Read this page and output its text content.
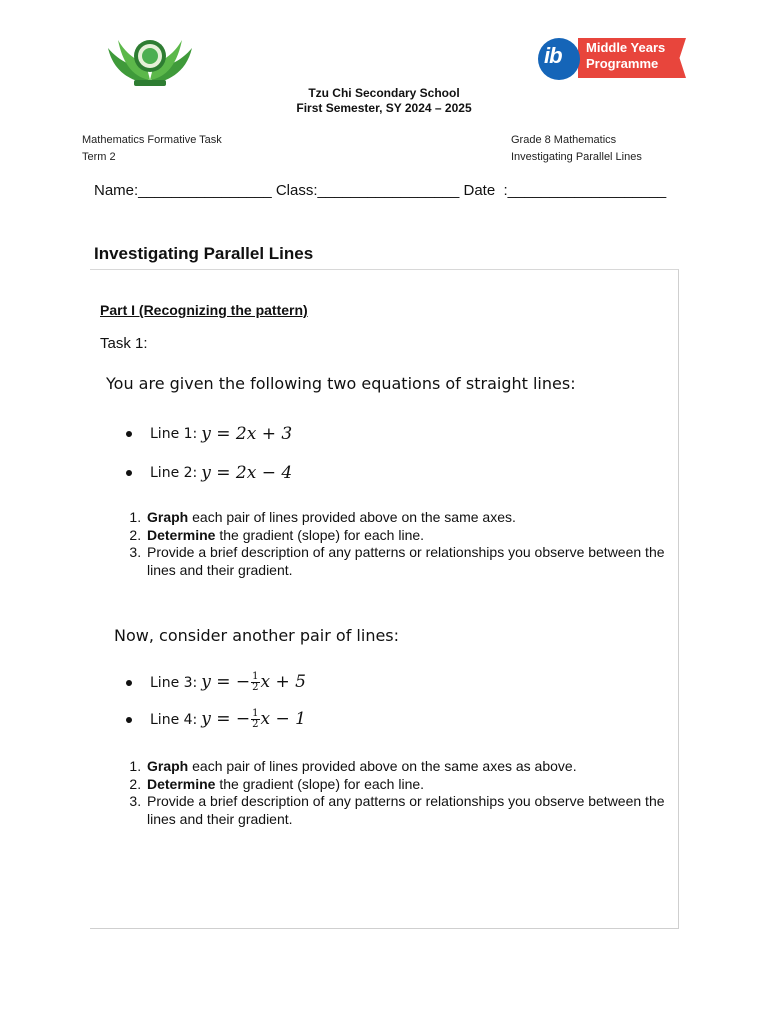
ib Middle Years
Programme
Tzu Chi Secondary School
First Semester, SY 2024 – 2025
Mathematics Formative Task
Term 2
Grade 8 Mathematics
Investigating Parallel Lines
Name:________________ Class:_________________ Date  :___________________
Investigating Parallel Lines
Part I (Recognizing the pattern)
Task 1:
You are given the following two equations of straight lines:
Line 1: y = 2x + 3
Line 2: y = 2x − 4
1. Graph each pair of lines provided above on the same axes.
2. Determine the gradient (slope) for each line.
3. Provide a brief description of any patterns or relationships you observe between the lines and their gradient.
Now, consider another pair of lines:
Line 3: y = − $\frac{1}{2}$ x + 5
Line 4: y = − $\frac{1}{2}$ x − 1
1. Graph each pair of lines provided above on the same axes as above.
2. Determine the gradient (slope) for each line.
3. Provide a brief description of any patterns or relationships you observe between the lines and their gradient.
